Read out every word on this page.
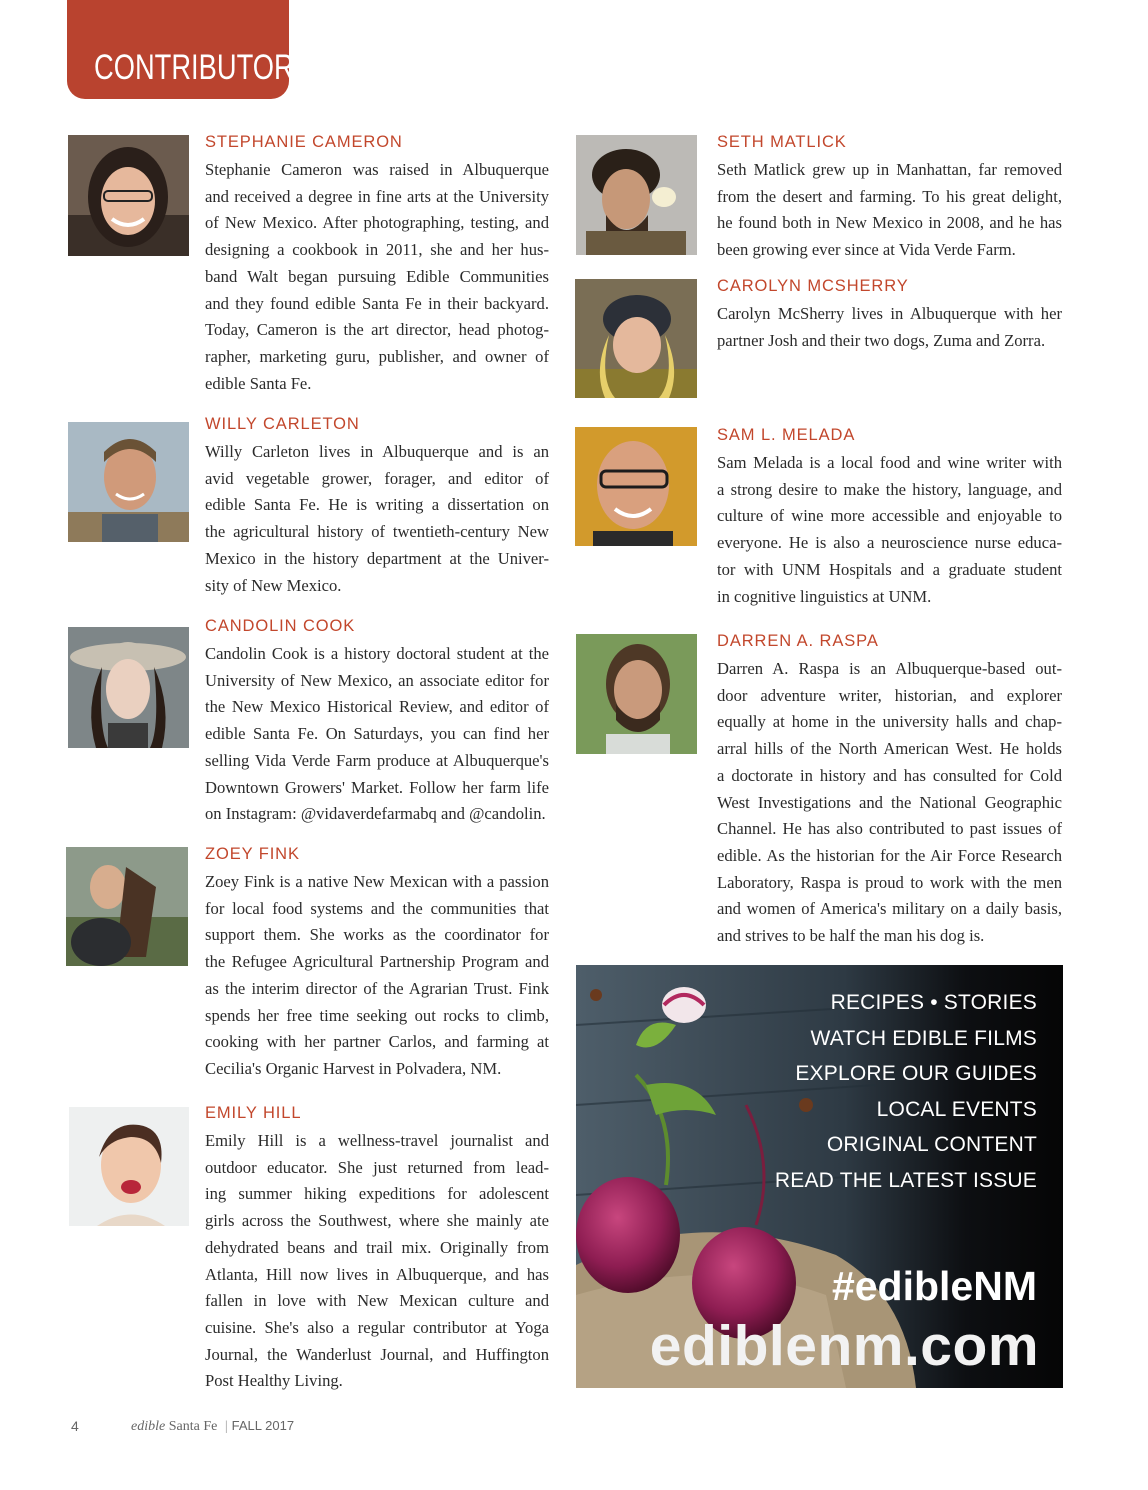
CONTRIBUTORS
STEPHANIE CAMERON
Stephanie Cameron was raised in Albuquerque
and received a degree in fine arts at the University
of New Mexico. After photographing, testing, and
designing a cookbook in 2011, she and her hus-
band Walt began pursuing Edible Communities
and they found edible Santa Fe in their backyard.
Today, Cameron is the art director, head photog-
rapher, marketing guru, publisher, and owner of
edible Santa Fe.
WILLY CARLETON
Willy Carleton lives in Albuquerque and is an
avid vegetable grower, forager, and editor of
edible Santa Fe. He is writing a dissertation on
the agricultural history of twentieth-century New
Mexico in the history department at the Univer-
sity of New Mexico.
CANDOLIN COOK
Candolin Cook is a history doctoral student at the
University of New Mexico, an associate editor for
the New Mexico Historical Review, and editor of
edible Santa Fe. On Saturdays, you can find her
selling Vida Verde Farm produce at Albuquerque's
Downtown Growers' Market. Follow her farm life
on Instagram: @vidaverdefarmabq and @candolin.
ZOEY FINK
Zoey Fink is a native New Mexican with a passion
for local food systems and the communities that
support them. She works as the coordinator for
the Refugee Agricultural Partnership Program and
as the interim director of the Agrarian Trust. Fink
spends her free time seeking out rocks to climb,
cooking with her partner Carlos, and farming at
Cecilia's Organic Harvest in Polvadera, NM.
EMILY HILL
Emily Hill is a wellness-travel journalist and
outdoor educator. She just returned from lead-
ing summer hiking expeditions for adolescent
girls across the Southwest, where she mainly ate
dehydrated beans and trail mix. Originally from
Atlanta, Hill now lives in Albuquerque, and has
fallen in love with New Mexican culture and
cuisine. She's also a regular contributor at Yoga
Journal, the Wanderlust Journal, and Huffington
Post Healthy Living.
SETH MATLICK
Seth Matlick grew up in Manhattan, far removed
from the desert and farming. To his great delight,
he found both in New Mexico in 2008, and he has
been growing ever since at Vida Verde Farm.
CAROLYN MCSHERRY
Carolyn McSherry lives in Albuquerque with her
partner Josh and their two dogs, Zuma and Zorra.
SAM L. MELADA
Sam Melada is a local food and wine writer with
a strong desire to make the history, language, and
culture of wine more accessible and enjoyable to
everyone. He is also a neuroscience nurse educa-
tor with UNM Hospitals and a graduate student
in cognitive linguistics at UNM.
DARREN A. RASPA
Darren A. Raspa is an Albuquerque-based out-
door adventure writer, historian, and explorer
equally at home in the university halls and chap-
arral hills of the North American West. He holds
a doctorate in history and has consulted for Cold
West Investigations and the National Geographic
Channel. He has also contributed to past issues of
edible. As the historian for the Air Force Research
Laboratory, Raspa is proud to work with the men
and women of America's military on a daily basis,
and strives to be half the man his dog is.
RECIPES • STORIES
WATCH EDIBLE FILMS
EXPLORE OUR GUIDES
LOCAL EVENTS
ORIGINAL CONTENT
READ THE LATEST ISSUE
#edibleNM
ediblenm.com
4	edible Santa Fe | FALL 2017
